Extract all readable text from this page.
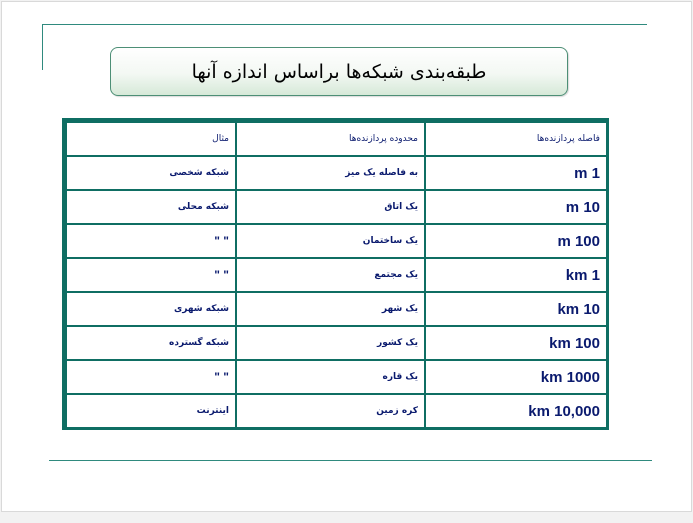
طبقه‌بندی شبکه‌ها براساس اندازه آنها
فاصله پردازنده‌ها	محدوده پردازنده‌ها	مثال
1 m	به فاصله یک میز	شبکه شخصی
10 m	یک اتاق	شبکه محلی
100 m	یک ساختمان	" "
1 km	یک مجتمع	" "
10 km	یک شهر	شبکه شهری
100 km	یک کشور	شبکه گسترده
1000 km	یک قاره	" "
10,000 km	کره زمین	اینترنت
